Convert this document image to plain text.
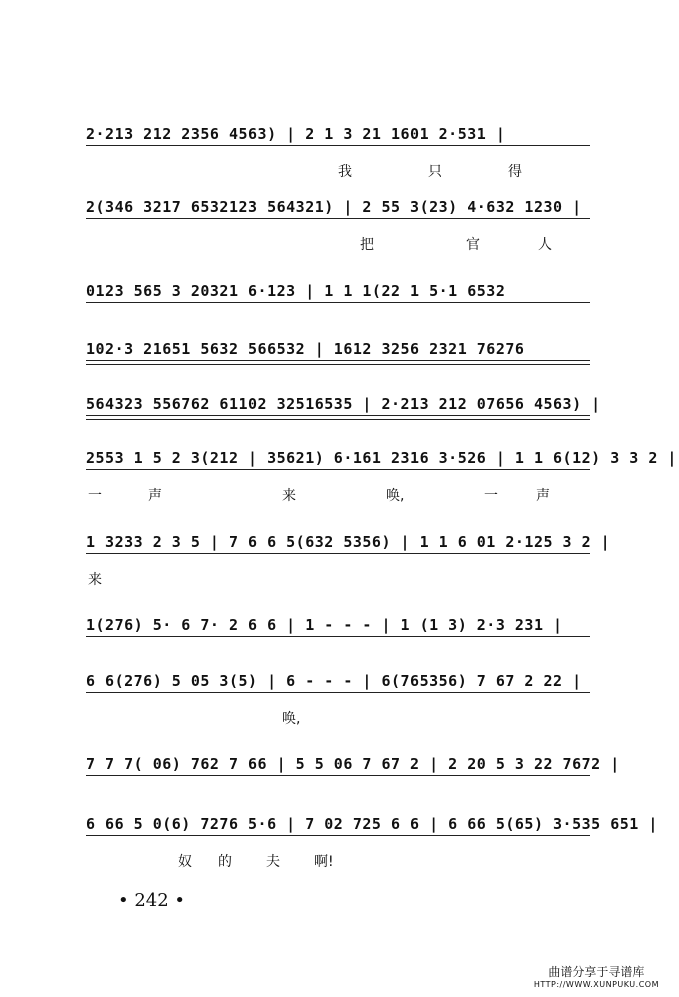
2·213 212 2356 4563) | 2 1 3 21 1601 2·531 |
我	只	得
2(346 3217 6532123 564321) | 2 55 3(23) 4·632 1230 |
把	官	人
0123 565 3 20321 6·123 | 1 1 1(22 1 5·1 6532
102·3 21651 5632 566532 | 1612 3256 2321 76276
564323 556762 61102 32516535 | 2·213 212 07656 4563) |
2553 1 5 2 3(212 | 35621) 6·161 2316 3·526 | 1 1 6(12) 3 3 2 |
一	声	来	唤,	一	声
1 3233 2 3 5 | 7 6 6 5(632 5356) | 1 1 6 01 2·125 3 2 |
来
1(276) 5· 6 7· 2 6 6 | 1 - - - | 1 (1 3) 2·3 231 |
6 6(276) 5 05 3(5) | 6 - - - | 6(765356) 7 67 2 22 |
唤,
7 7 7( 06) 762 7 66 | 5 5 06 7 67 2 | 2 20 5 3 22 7672 |
6 66 5 0(6) 7276 5·6 | 7 02 725 6 6 | 6 66 5(65) 3·535 651 |
奴 的 夫 啊!
• 242 •
曲谱分享于寻谱库
HTTP://WWW.XUNPUKU.COM
